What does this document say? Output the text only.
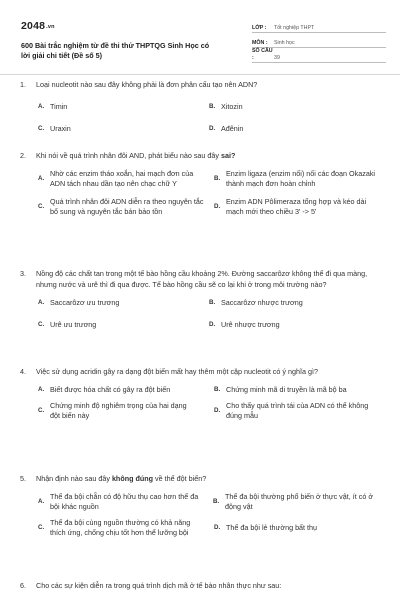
2048.vn
600 Bài trắc nghiệm từ đề thi thử THPTQG Sinh Học có lời giải chi tiết (Đề số 5)
LỚP :	Tốt nghiệp THPT
MÔN :	Sinh học
SỐ CÂU :	39
1.	Loại nucleotit nào sau đây không phải là đơn phân cấu tạo nên ADN?
A. Timin	B. Xitozin
C. Uraxin	D. Ađênin
2.	Khi nói về quá trình nhân đôi AND, phát biểu nào sau đây sai?
A.
Nhờ các enzim tháo xoắn, hai mạch đơn của ADN tách nhau dần tạo nên chạc chữ Y
B.
Enzim ligaza (enzim nối) nối các đoạn Okazaki thành mạch đơn hoàn chỉnh
C.
Quá trình nhân đôi ADN diễn ra theo nguyên tắc bổ sung và nguyên tắc bán bảo tồn
D.
Enzim ADN Pôlimeraza tổng hợp và kéo dài mạch mới theo chiều 3' -> 5'
3.	Nồng độ các chất tan trong một tế bào hồng cầu khoảng 2%. Đường saccarôzơ không thể đi qua màng, nhưng nước và urê thì đi qua được. Tế bào hồng cầu sẽ co lại khi ở trong môi trường nào?
A. Saccarôzơ ưu trương	B. Saccarôzơ nhược trương
C. Urê ưu trương	D. Urê nhược trương
4.	Việc sử dụng acridin gây ra dạng đột biến mất hay thêm một cặp nucleotit có ý nghĩa gì?
A. Biết được hóa chất có gây ra đột biến	B. Chứng minh mã di truyền là mã bộ ba
C.
Chứng minh độ nghiêm trọng của hai dạng đột biến này
D.
Cho thấy quá trình tái của ADN có thể không đúng mẫu
5.	Nhận định nào sau đây không đúng về thể đột biến?
A.
Thể đa bội chẵn có độ hữu thụ cao hơn thể đa bội khác nguồn
B.
Thể đa bội thường phổ biến ở thực vật, ít có ở động vật
C.
Thể đa bội cùng nguồn thường có khả năng thích ứng, chống chịu tốt hơn thể lưỡng bội
D. Thể đa bội lẻ thường bất thụ
6.	Cho các sự kiện diễn ra trong quá trình dịch mã ở tế bào nhân thực như sau:
